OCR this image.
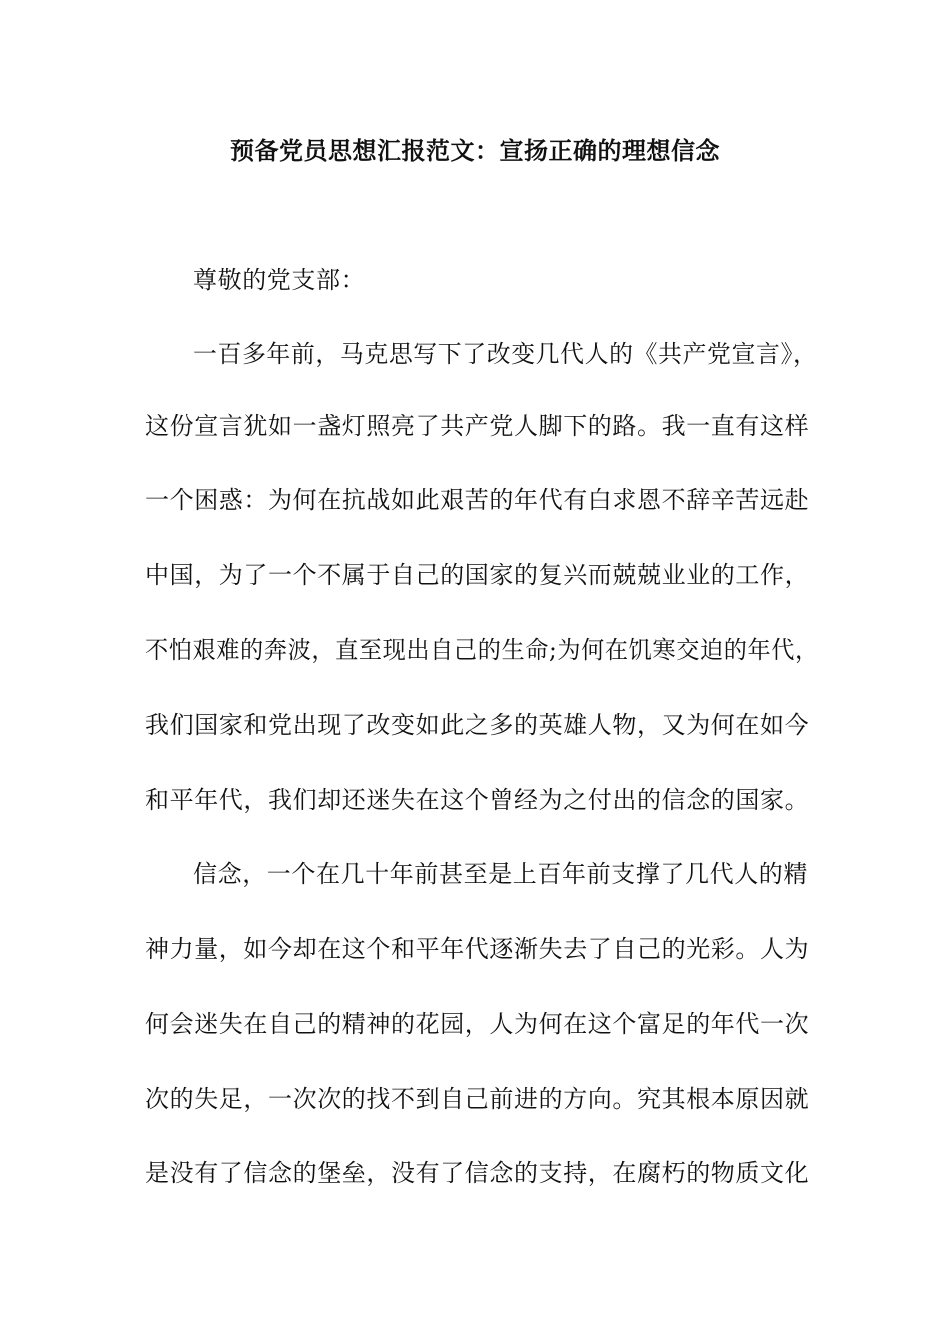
预备党员思想汇报范文：宣扬正确的理想信念
尊敬的党支部：
一百多年前，马克思写下了改变几代人的《共产党宣言》，
这份宣言犹如一盏灯照亮了共产党人脚下的路。我一直有这样
一个困惑：为何在抗战如此艰苦的年代有白求恩不辞辛苦远赴
中国，为了一个不属于自己的国家的复兴而兢兢业业的工作，
不怕艰难的奔波，直至现出自己的生命;为何在饥寒交迫的年代，
我们国家和党出现了改变如此之多的英雄人物，又为何在如今
和平年代，我们却还迷失在这个曾经为之付出的信念的国家。
信念，一个在几十年前甚至是上百年前支撑了几代人的精
神力量，如今却在这个和平年代逐渐失去了自己的光彩。人为
何会迷失在自己的精神的花园，人为何在这个富足的年代一次
次的失足，一次次的找不到自己前进的方向。究其根本原因就
是没有了信念的堡垒，没有了信念的支持，在腐朽的物质文化
